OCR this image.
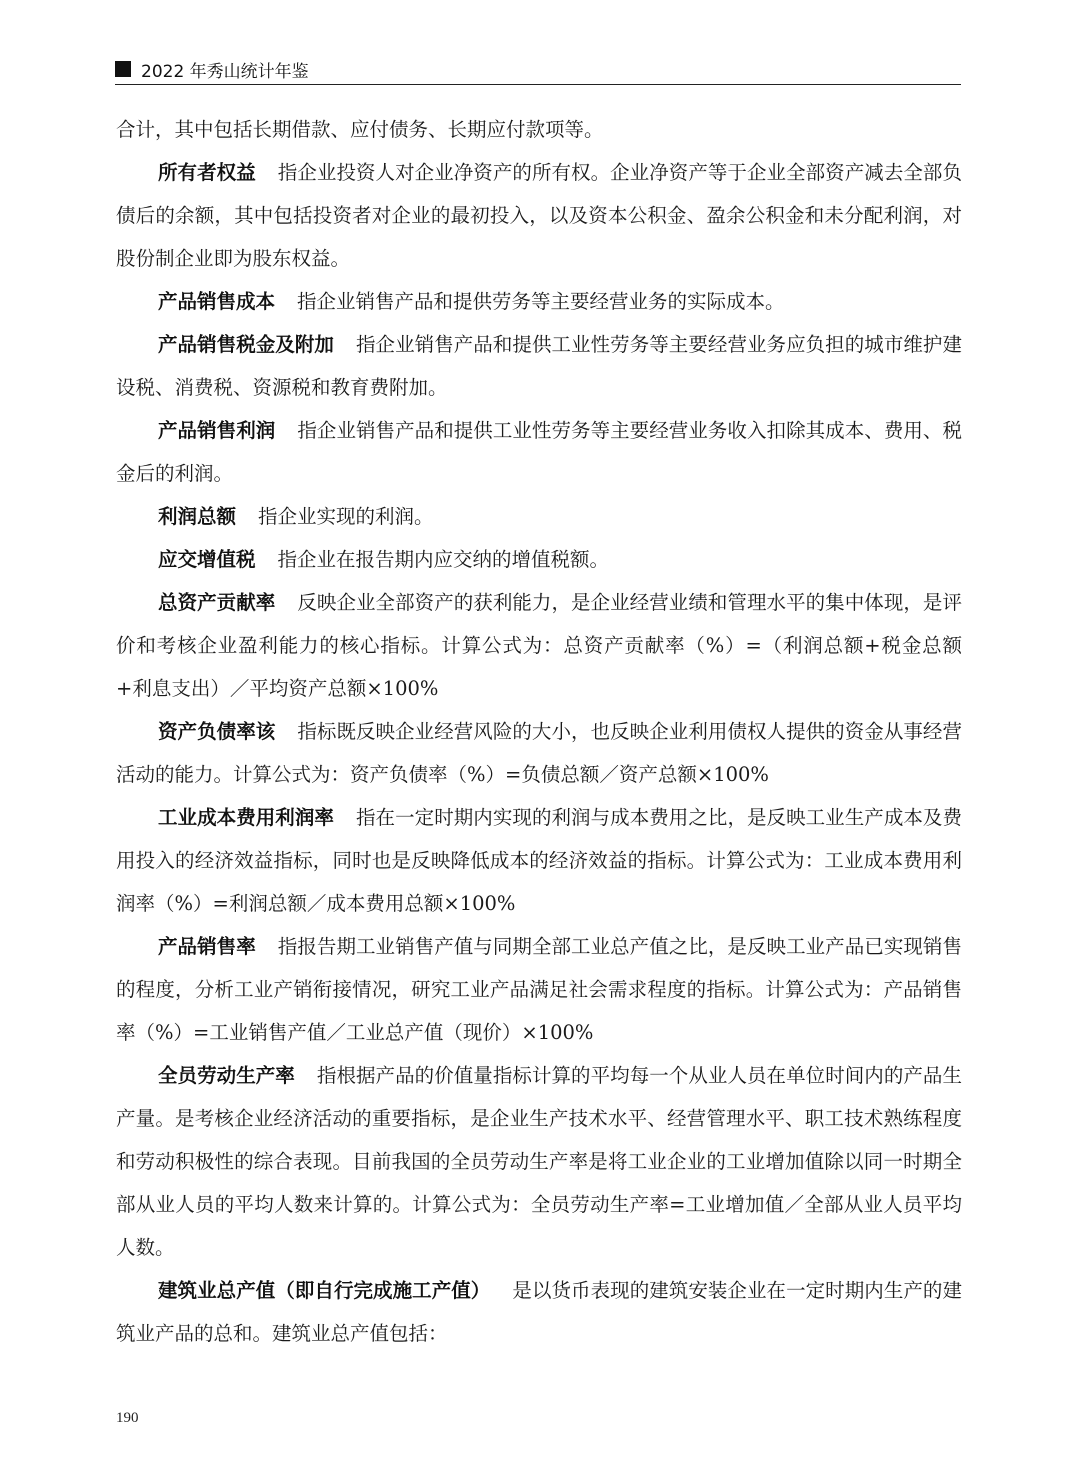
2022 年秀山统计年鉴

合计，其中包括长期借款、应付债务、长期应付款项等。

所有者权益 指企业投资人对企业净资产的所有权。企业净资产等于企业全部资产减去全部负债后的余额，其中包括投资者对企业的最初投入，以及资本公积金、盈余公积金和未分配利润，对股份制企业即为股东权益。

产品销售成本 指企业销售产品和提供劳务等主要经营业务的实际成本。

产品销售税金及附加 指企业销售产品和提供工业性劳务等主要经营业务应负担的城市维护建设税、消费税、资源税和教育费附加。

产品销售利润 指企业销售产品和提供工业性劳务等主要经营业务收入扣除其成本、费用、税金后的利润。

利润总额 指企业实现的利润。

应交增值税 指企业在报告期内应交纳的增值税额。

总资产贡献率 反映企业全部资产的获利能力，是企业经营业绩和管理水平的集中体现，是评价和考核企业盈利能力的核心指标。计算公式为：总资产贡献率（%）=（利润总额+税金总额+利息支出）／平均资产总额×100%

资产负债率该 指标既反映企业经营风险的大小，也反映企业利用债权人提供的资金从事经营活动的能力。计算公式为：资产负债率（%）=负债总额／资产总额×100%

工业成本费用利润率 指在一定时期内实现的利润与成本费用之比，是反映工业生产成本及费用投入的经济效益指标，同时也是反映降低成本的经济效益的指标。计算公式为：工业成本费用利润率（%）=利润总额／成本费用总额×100%

产品销售率 指报告期工业销售产值与同期全部工业总产值之比，是反映工业产品已实现销售的程度，分析工业产销衔接情况，研究工业产品满足社会需求程度的指标。计算公式为：产品销售率（%）=工业销售产值／工业总产值（现价）×100%

全员劳动生产率 指根据产品的价值量指标计算的平均每一个从业人员在单位时间内的产品生产量。是考核企业经济活动的重要指标，是企业生产技术水平、经营管理水平、职工技术熟练程度和劳动积极性的综合表现。目前我国的全员劳动生产率是将工业企业的工业增加值除以同一时期全部从业人员的平均人数来计算的。计算公式为：全员劳动生产率=工业增加值／全部从业人员平均人数。

建筑业总产值（即自行完成施工产值） 是以货币表现的建筑安装企业在一定时期内生产的建筑业产品的总和。建筑业总产值包括：

190
